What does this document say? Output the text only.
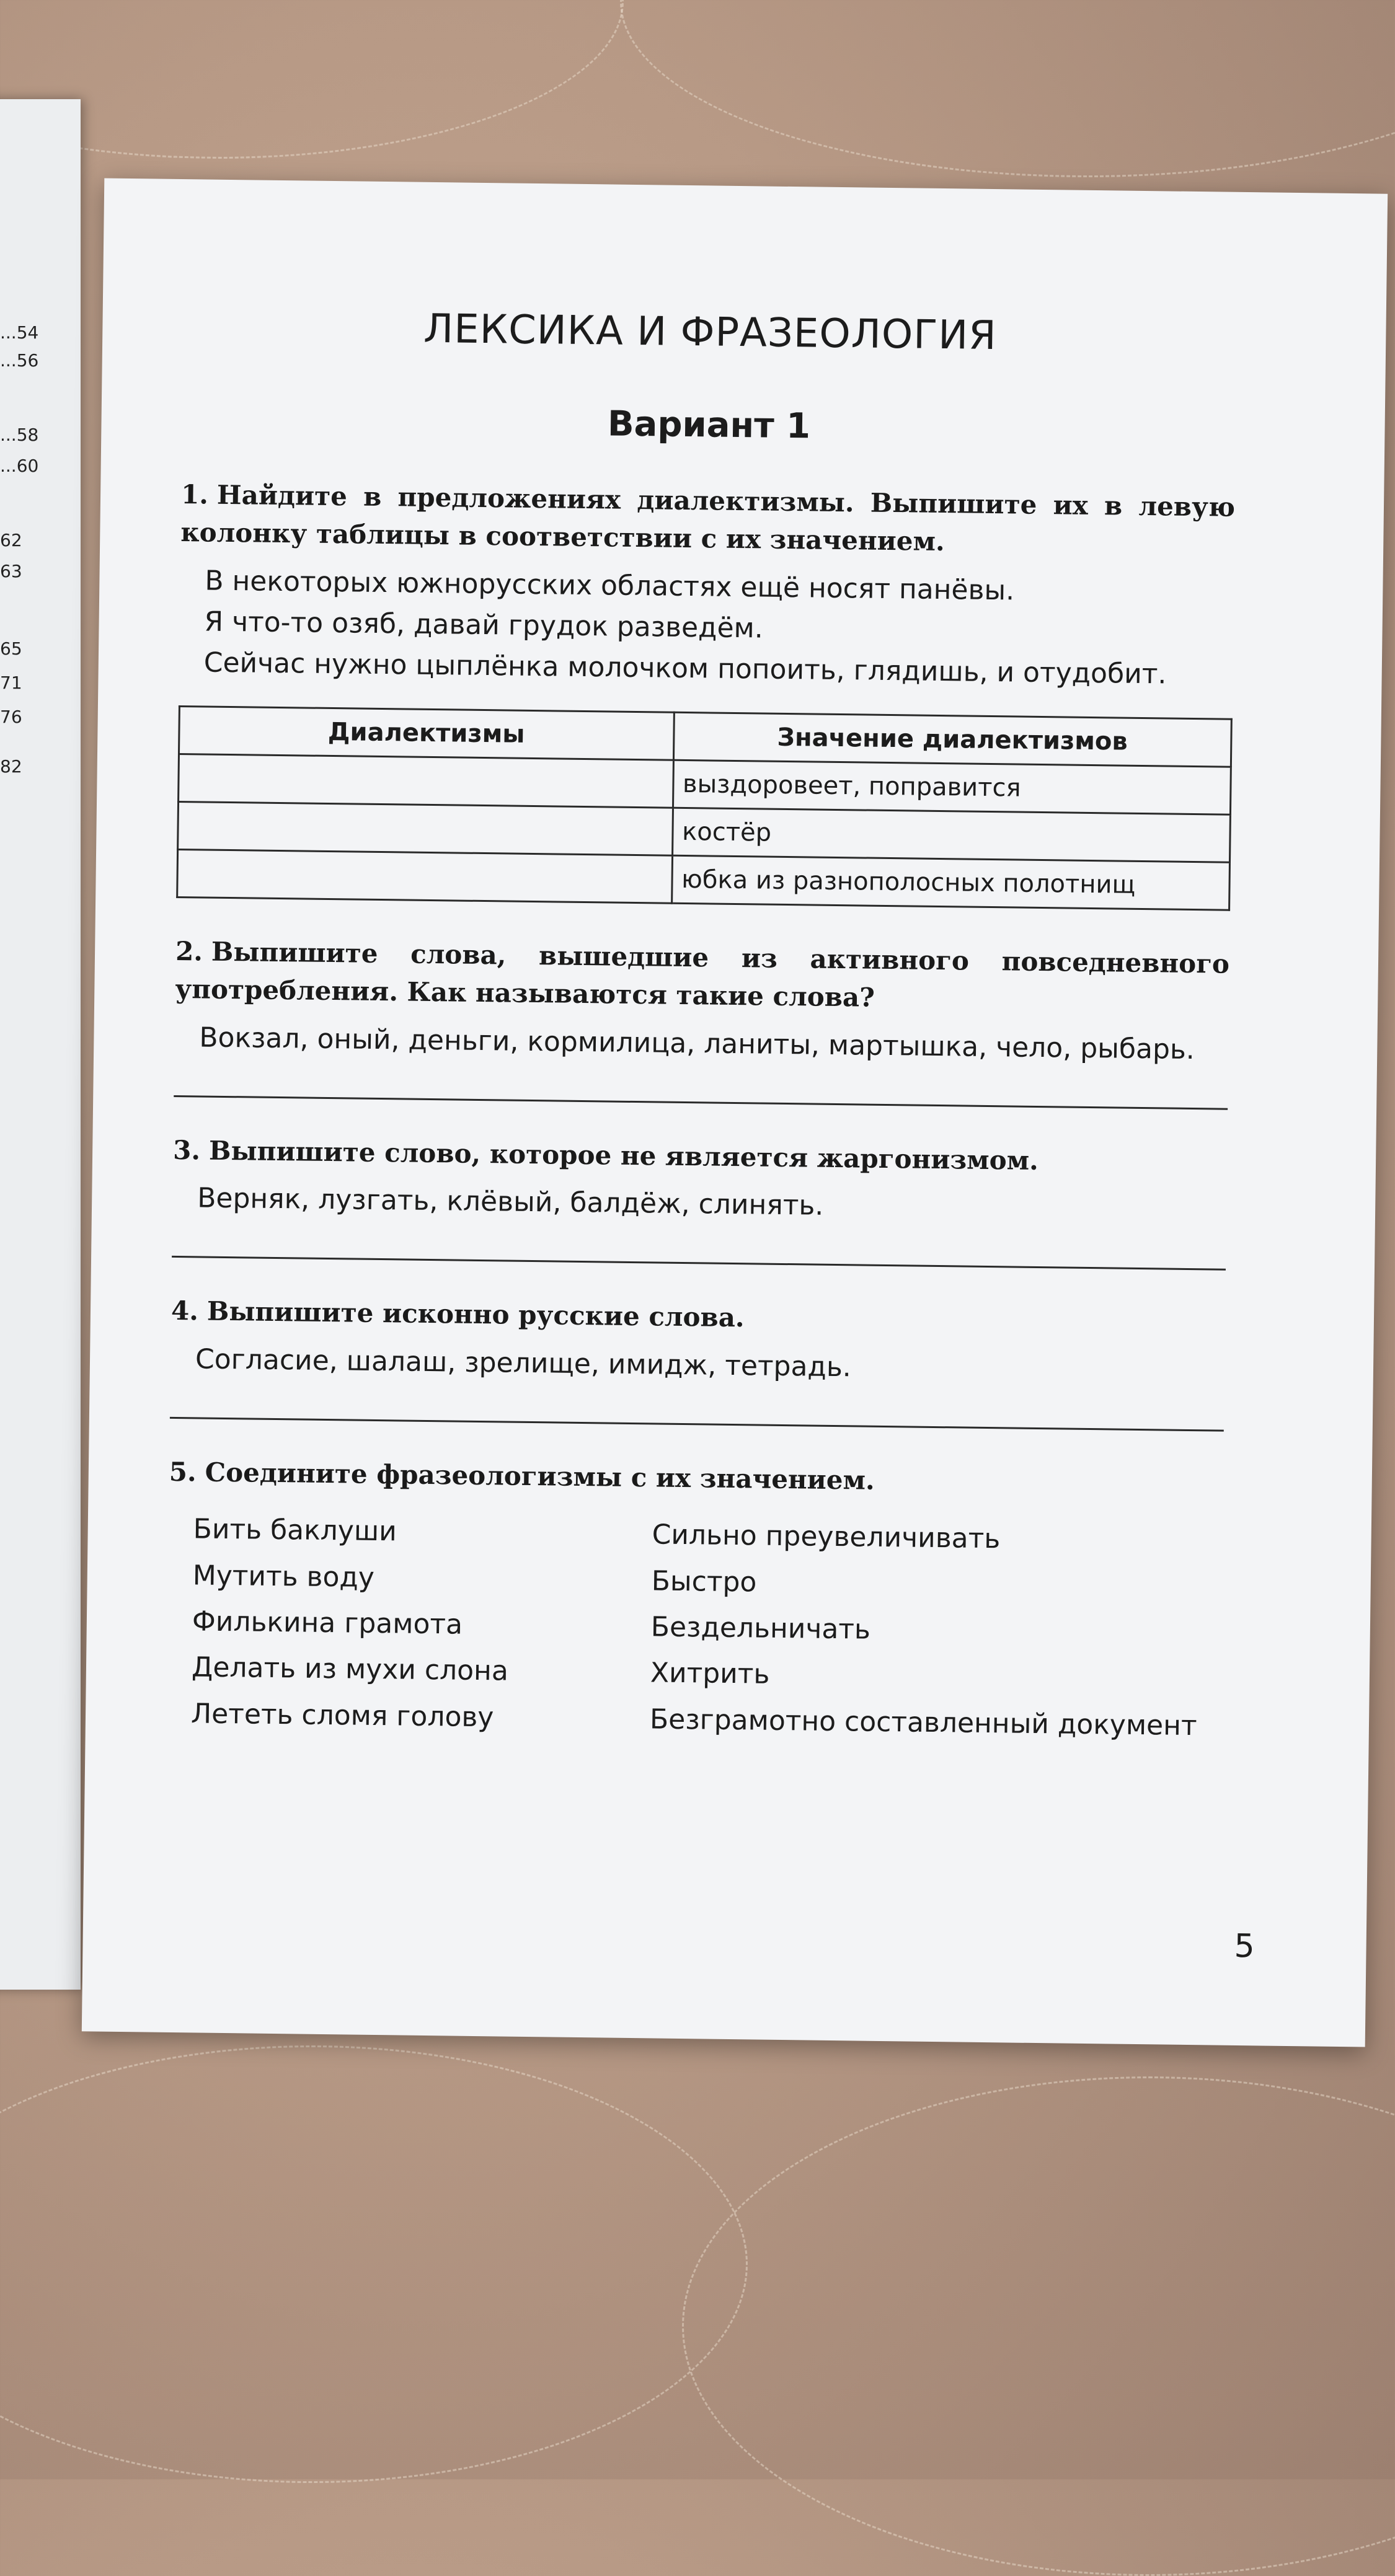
...54
...56
...58
...60
62
63
65
71
76
82
ЛЕКСИКА И ФРАЗЕОЛОГИЯ
Вариант 1

1. Найдите в предложениях диалектизмы. Выпишите их в левую колонку таблицы в соответствии с их значением.

В некоторых южнорусских областях ещё носят панёвы.
Я что-то озяб, давай грудок разведём.
Сейчас нужно цыплёнка молочком попоить, глядишь, и отудобит.
Диалектизмы	Значение диалектизмов
	выздоровеет, поправится
	костёр
	юбка из разнополосных полотнищ

2. Выпишите слова, вышедшие из активного повседневного употребления. Как называются такие слова?

Вокзал, оный, деньги, кормилица, ланиты, мартышка, чело, рыбарь.

3. Выпишите слово, которое не является жаргонизмом.

Верняк, лузгать, клёвый, балдёж, слинять.

4. Выпишите исконно русские слова.

Согласие, шалаш, зрелище, имидж, тетрадь.

5. Соедините фразеологизмы с их значением.

Бить баклуши	Сильно преувеличивать
Мутить воду	Быстро
Филькина грамота	Бездельничать
Делать из мухи слона	Хитрить
Лететь сломя голову	Безграмотно составленный документ
5
